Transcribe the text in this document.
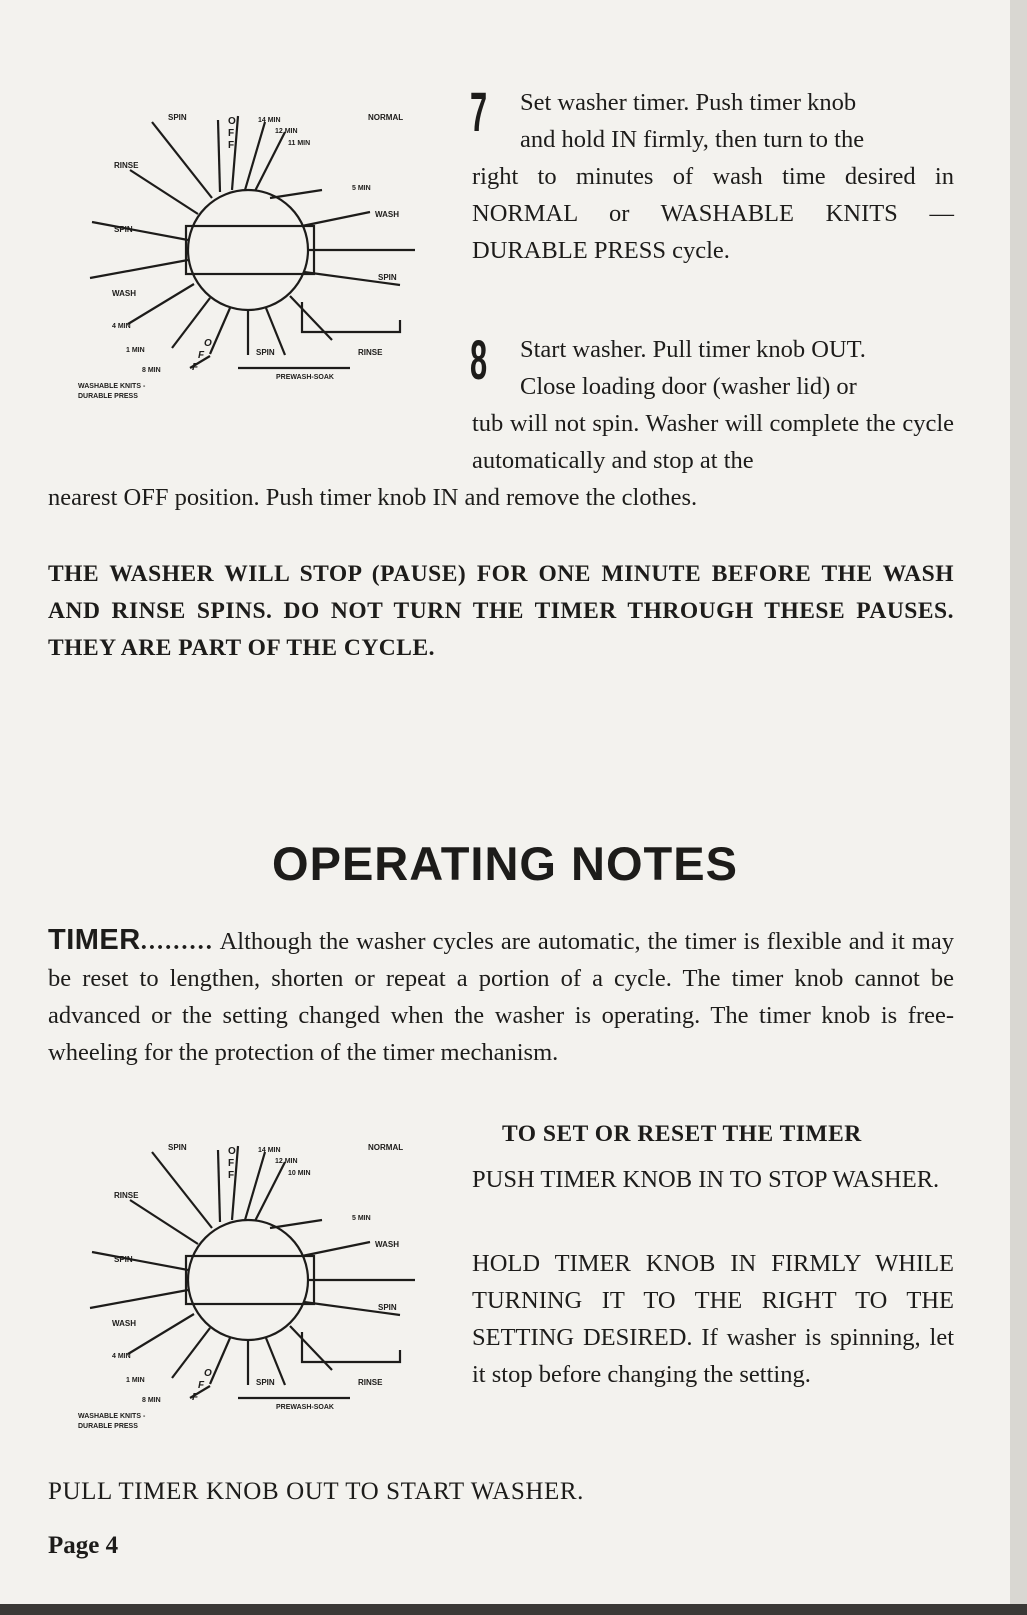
SPIN	O
F
F
14 MIN
12 MIN
11 MIN
NORMAL
RINSE
5 MIN
WASH
SPIN
SPIN
WASH
4 MIN
1 MIN	SPIN	RINSE
8 MIN
PREWASH-SOAK
WASHABLE KNITS -
DURABLE PRESS
O
F
F
7 Set washer timer. Push timer knob
and hold IN firmly, then turn to the
right to minutes of wash time desired in NORMAL or WASHABLE KNITS — DURABLE PRESS cycle.
8 Start washer. Pull timer knob OUT.
Close loading door (washer lid) or
tub will not spin. Washer will complete the cycle automatically and stop at the
nearest OFF position. Push timer knob IN and remove the clothes.
THE WASHER WILL STOP (PAUSE) FOR ONE MINUTE BEFORE THE WASH AND RINSE SPINS. DO NOT TURN THE TIMER THROUGH THESE PAUSES. THEY ARE PART OF THE CYCLE.
OPERATING NOTES
TIMER......... Although the washer cycles are automatic, the timer is flexible and it may be reset to lengthen, shorten or repeat a portion of a cycle. The timer knob cannot be advanced or the setting changed when the washer is operating. The timer knob is free-wheeling for the protection of the timer mechanism.
SPIN	O
F
F
14 MIN
12 MIN
10 MIN
NORMAL
RINSE
5 MIN
WASH
SPIN
SPIN
WASH
4 MIN
1 MIN	SPIN	RINSE
8 MIN
PREWASH-SOAK
WASHABLE KNITS -
DURABLE PRESS
O
F
F
TO SET OR RESET THE TIMER
PUSH TIMER KNOB IN TO STOP WASHER.
HOLD TIMER KNOB IN FIRMLY WHILE TURNING IT TO THE RIGHT TO THE SETTING DESIRED. If washer is spinning, let it stop before changing the setting.
PULL TIMER KNOB OUT TO START WASHER.
Page 4
